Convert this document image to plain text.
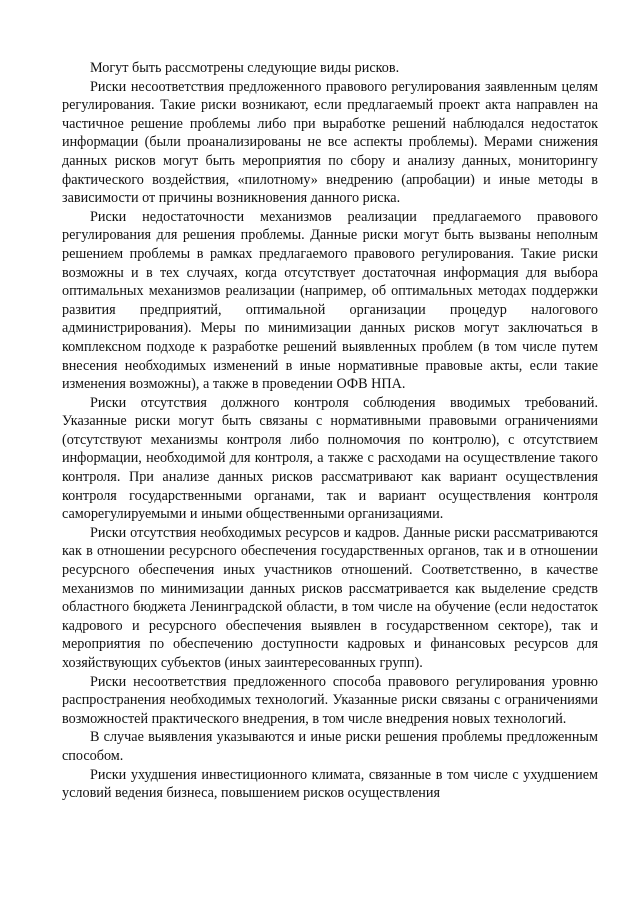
Могут быть рассмотрены следующие виды рисков.

Риски несоответствия предложенного правового регулирования заявленным целям регулирования. Такие риски возникают, если предлагаемый проект акта направлен на частичное решение проблемы либо при выработке решений наблюдался недостаток информации (были проанализированы не все аспекты проблемы). Мерами снижения данных рисков могут быть мероприятия по сбору и анализу данных, мониторингу фактического воздействия, «пилотному» внедрению (апробации) и иные методы в зависимости от причины возникновения данного риска.

Риски недостаточности механизмов реализации предлагаемого правового регулирования для решения проблемы. Данные риски могут быть вызваны неполным решением проблемы в рамках предлагаемого правового регулирования. Такие риски возможны и в тех случаях, когда отсутствует достаточная информация для выбора оптимальных механизмов реализации (например, об оптимальных методах поддержки развития предприятий, оптимальной организации процедур налогового администрирования). Меры по минимизации данных рисков могут заключаться в комплексном подходе к разработке решений выявленных проблем (в том числе путем внесения необходимых изменений в иные нормативные правовые акты, если такие изменения возможны), а также в проведении ОФВ НПА.

Риски отсутствия должного контроля соблюдения вводимых требований. Указанные риски могут быть связаны с нормативными правовыми ограничениями (отсутствуют механизмы контроля либо полномочия по контролю), с отсутствием информации, необходимой для контроля, а также с расходами на осуществление такого контроля. При анализе данных рисков рассматривают как вариант осуществления контроля государственными органами, так и вариант осуществления контроля саморегулируемыми и иными общественными организациями.

Риски отсутствия необходимых ресурсов и кадров. Данные риски рассматриваются как в отношении ресурсного обеспечения государственных органов, так и в отношении ресурсного обеспечения иных участников отношений. Соответственно, в качестве механизмов по минимизации данных рисков рассматривается как выделение средств областного бюджета Ленинградской области, в том числе на обучение (если недостаток кадрового и ресурсного обеспечения выявлен в государственном секторе), так и мероприятия по обеспечению доступности кадровых и финансовых ресурсов для хозяйствующих субъектов (иных заинтересованных групп).

Риски несоответствия предложенного способа правового регулирования уровню распространения необходимых технологий. Указанные риски связаны с ограничениями возможностей практического внедрения, в том числе внедрения новых технологий.

В случае выявления указываются и иные риски решения проблемы предложенным способом.

Риски ухудшения инвестиционного климата, связанные в том числе с ухудшением условий ведения бизнеса, повышением рисков осуществления
